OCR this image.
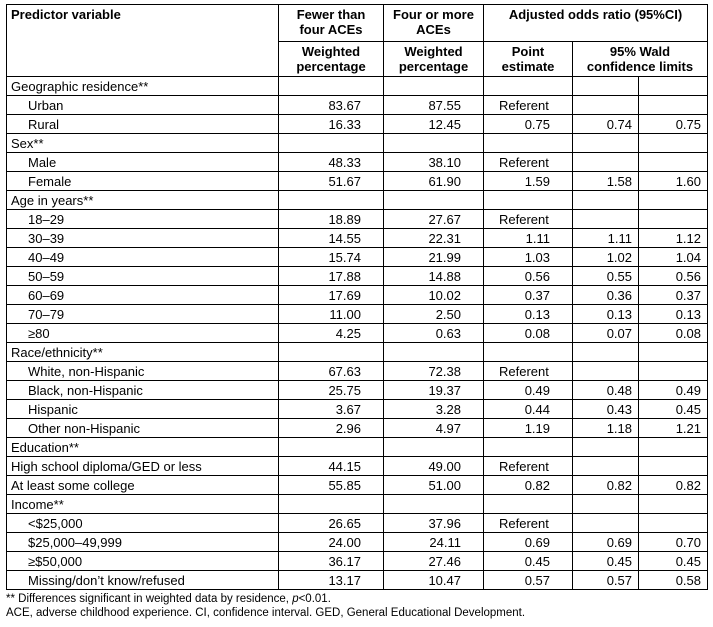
Predictor variable	Fewer than four ACEs	Four or more ACEs	Adjusted odds ratio (95%CI)		
	Weighted percentage	Weighted percentage	Point estimate	95% Wald confidence limits	
Geographic residence**					
Urban	83.67	87.55	Referent		
Rural	16.33	12.45	0.75	0.74	0.75
Sex**					
Male	48.33	38.10	Referent		
Female	51.67	61.90	1.59	1.58	1.60
Age in years**					
18–29	18.89	27.67	Referent		
30–39	14.55	22.31	1.11	1.11	1.12
40–49	15.74	21.99	1.03	1.02	1.04
50–59	17.88	14.88	0.56	0.55	0.56
60–69	17.69	10.02	0.37	0.36	0.37
70–79	11.00	2.50	0.13	0.13	0.13
≥80	4.25	0.63	0.08	0.07	0.08
Race/ethnicity**					
White, non-Hispanic	67.63	72.38	Referent		
Black, non-Hispanic	25.75	19.37	0.49	0.48	0.49
Hispanic	3.67	3.28	0.44	0.43	0.45
Other non-Hispanic	2.96	4.97	1.19	1.18	1.21
Education**					
High school diploma/GED or less	44.15	49.00	Referent		
At least some college	55.85	51.00	0.82	0.82	0.82
Income**					
<$25,000	26.65	37.96	Referent		
$25,000–49,999	24.00	24.11	0.69	0.69	0.70
≥$50,000	36.17	27.46	0.45	0.45	0.45
Missing/don’t know/refused	13.17	10.47	0.57	0.57	0.58

** Differences significant in weighted data by residence, p<0.01.

ACE, adverse childhood experience. CI, confidence interval. GED, General Educational Development.
